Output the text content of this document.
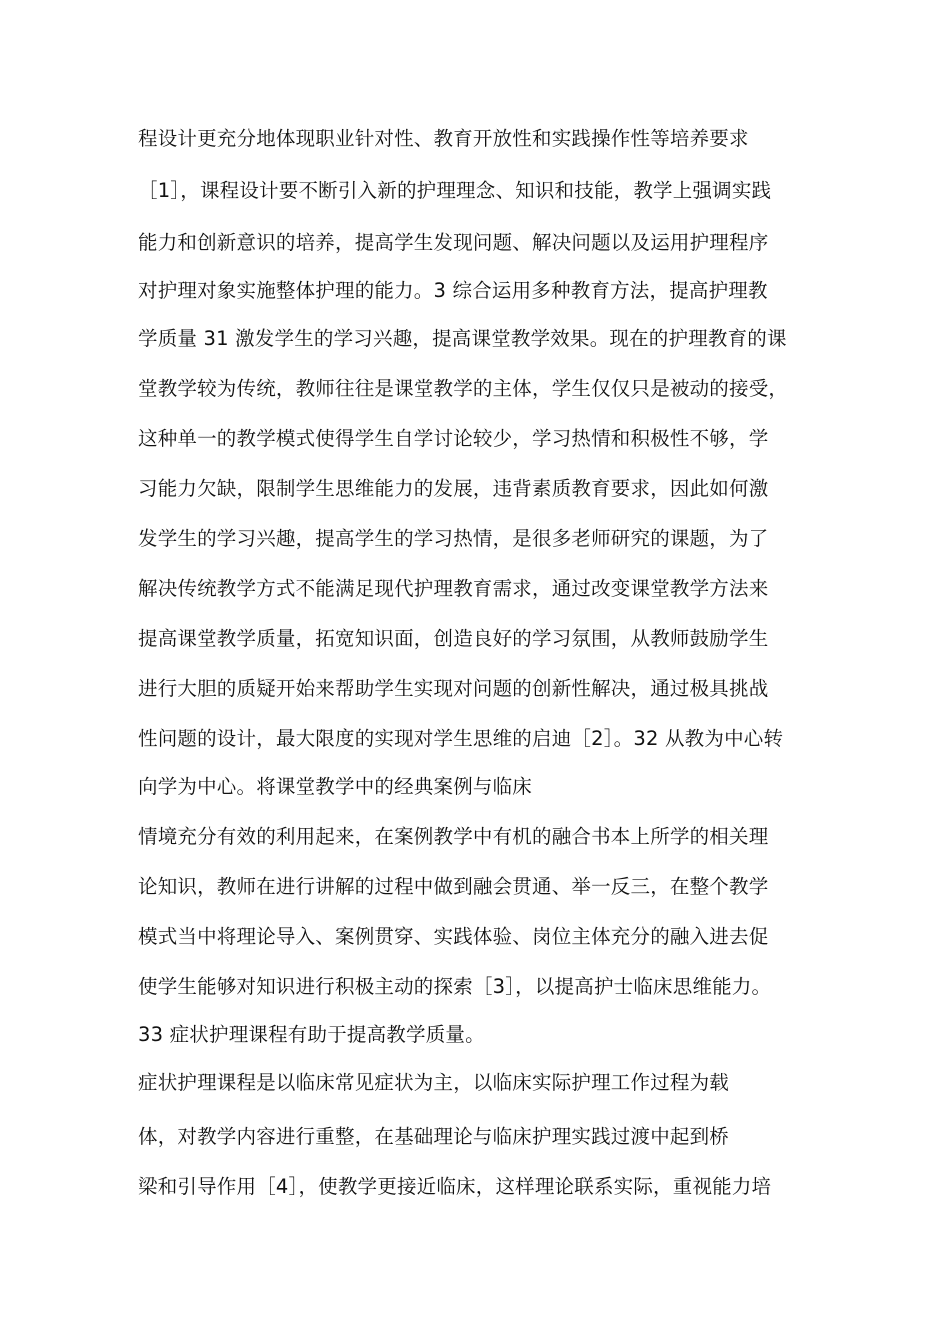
程设计更充分地体现职业针对性、教育开放性和实践操作性等培养要求
［1］，课程设计要不断引入新的护理理念、知识和技能，教学上强调实践
能力和创新意识的培养，提高学生发现问题、解决问题以及运用护理程序
对护理对象实施整体护理的能力。3 综合运用多种教育方法，提高护理教
学质量 31 激发学生的学习兴趣，提高课堂教学效果。现在的护理教育的课
堂教学较为传统，教师往往是课堂教学的主体，学生仅仅只是被动的接受，
这种单一的教学模式使得学生自学讨论较少，学习热情和积极性不够，学
习能力欠缺，限制学生思维能力的发展，违背素质教育要求，因此如何激
发学生的学习兴趣，提高学生的学习热情，是很多老师研究的课题，为了
解决传统教学方式不能满足现代护理教育需求，通过改变课堂教学方法来
提高课堂教学质量，拓宽知识面，创造良好的学习氛围，从教师鼓励学生
进行大胆的质疑开始来帮助学生实现对问题的创新性解决，通过极具挑战
性问题的设计，最大限度的实现对学生思维的启迪［2］。32 从教为中心转
向学为中心。将课堂教学中的经典案例与临床
情境充分有效的利用起来，在案例教学中有机的融合书本上所学的相关理
论知识，教师在进行讲解的过程中做到融会贯通、举一反三，在整个教学
模式当中将理论导入、案例贯穿、实践体验、岗位主体充分的融入进去促
使学生能够对知识进行积极主动的探索［3］，以提高护士临床思维能力。
33 症状护理课程有助于提高教学质量。
症状护理课程是以临床常见症状为主，以临床实际护理工作过程为载
体，对教学内容进行重整，在基础理论与临床护理实践过渡中起到桥
梁和引导作用［4］，使教学更接近临床，这样理论联系实际，重视能力培
